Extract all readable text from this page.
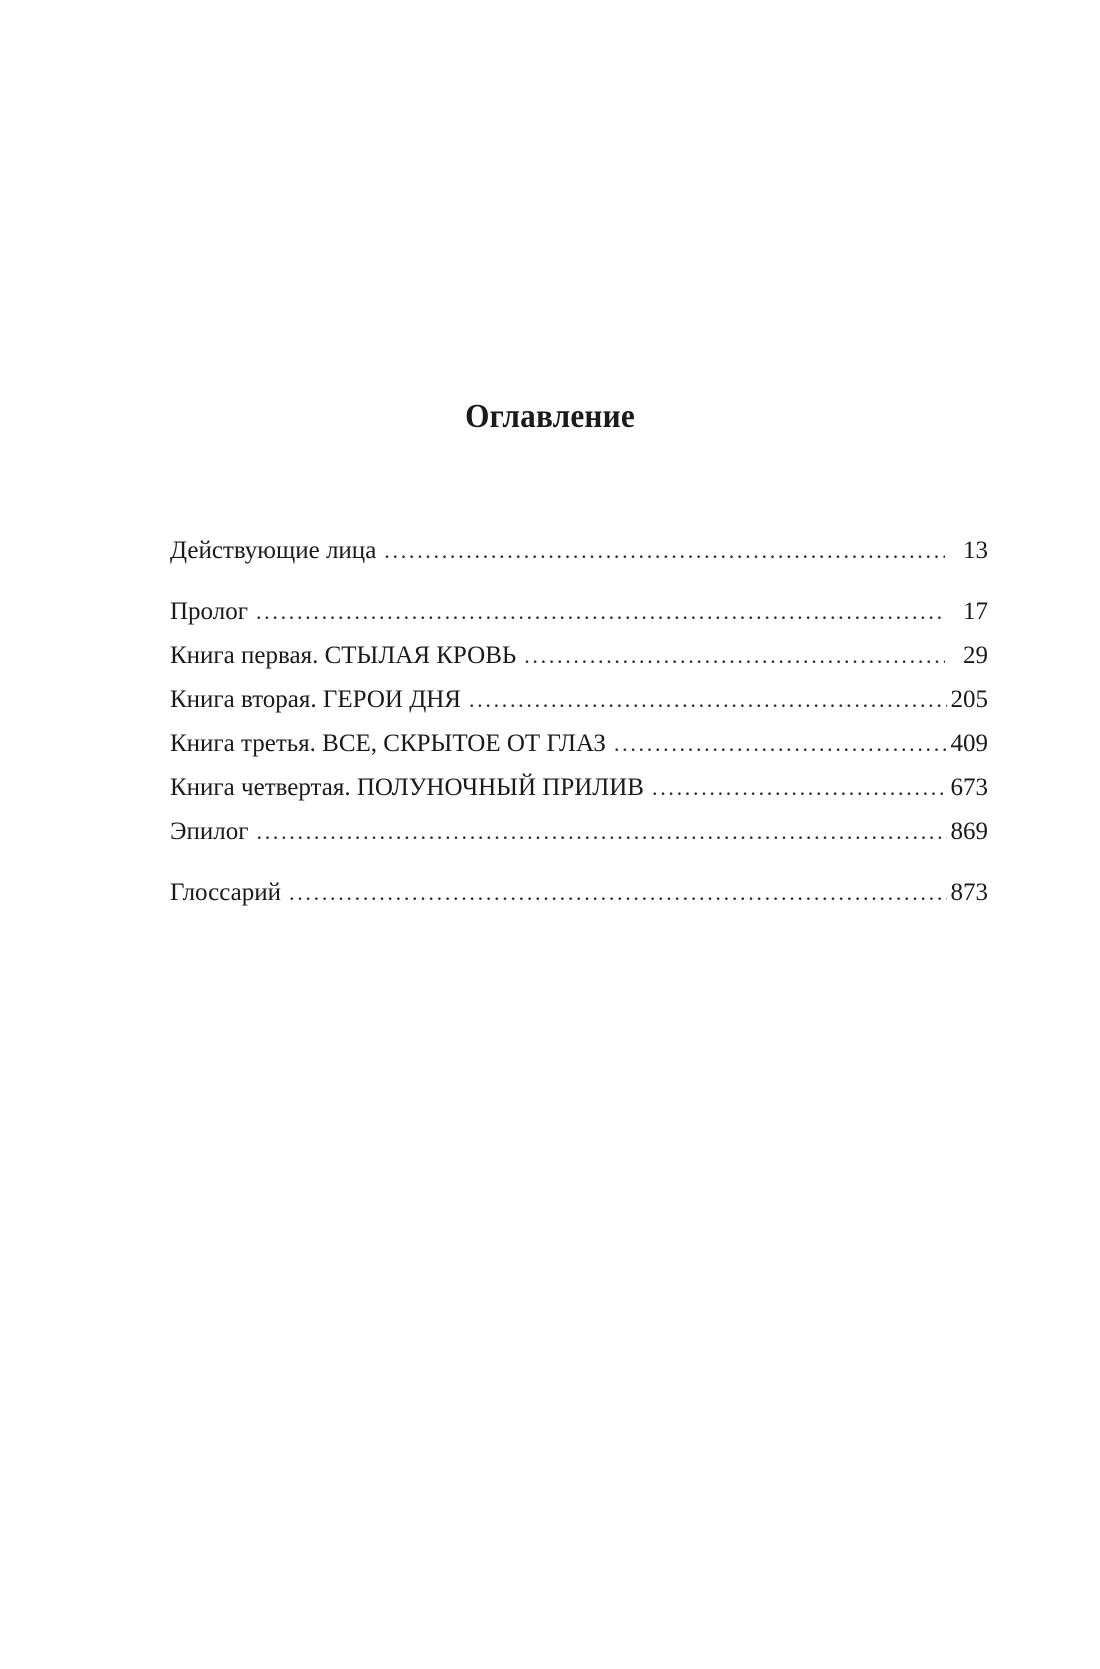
Оглавление
Действующие лица . . .	13
Пролог . . .	17
Книга первая. СТЫЛАЯ КРОВЬ . . .	29
Книга вторая. ГЕРОИ ДНЯ . . .	205
Книга третья. ВСЕ, СКРЫТОЕ ОТ ГЛАЗ . . .	409
Книга четвертая. ПОЛУНОЧНЫЙ ПРИЛИВ . . .	673
Эпилог . . .	869
Глоссарий . . .	873
